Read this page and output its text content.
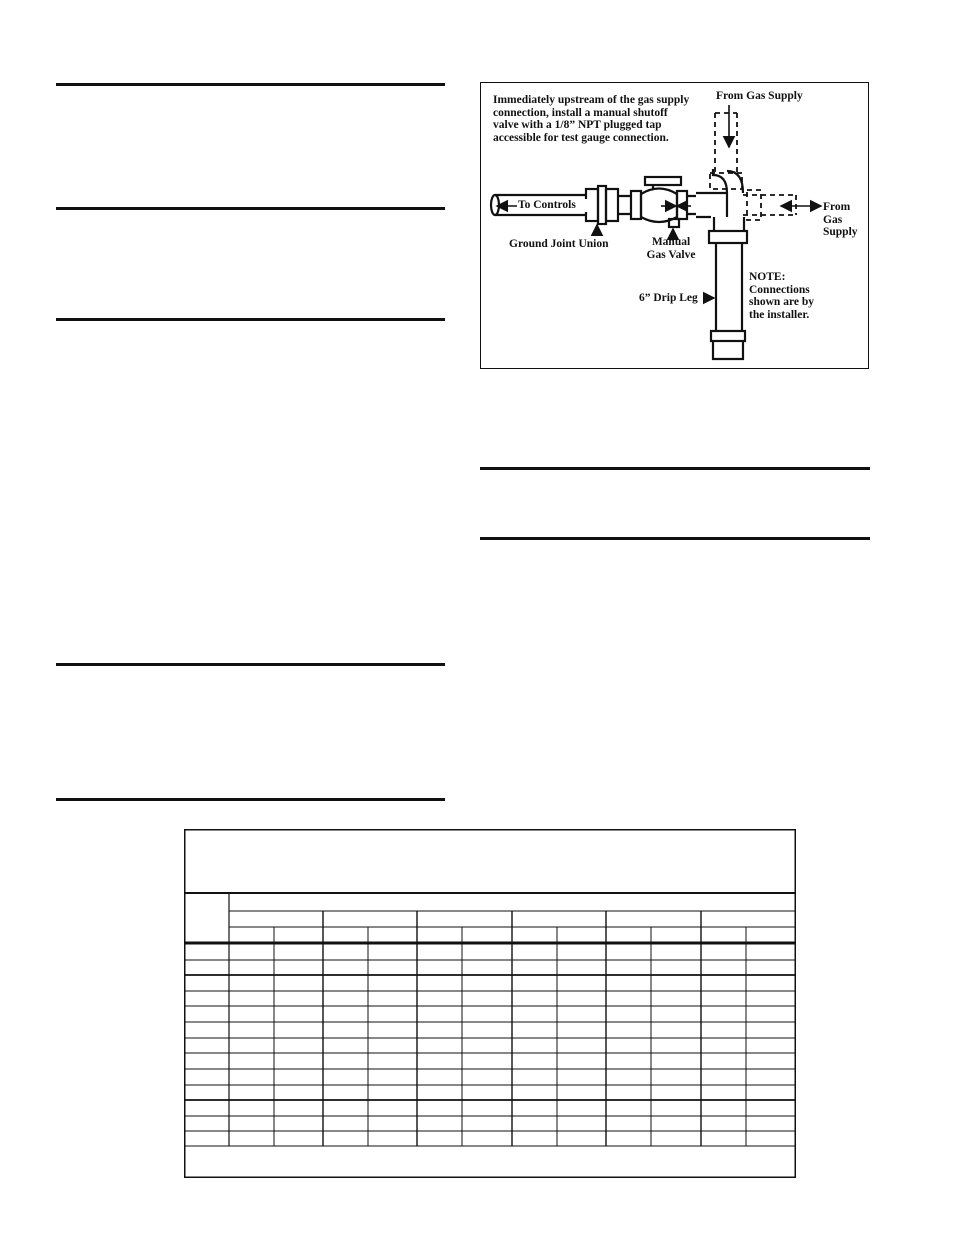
Immediately upstream of the gas supply connection, install a manual shutoff valve with a 1/8” NPT plugged tap accessible for test gauge connection.
From Gas Supply
From Gas Supply
To Controls
Ground Joint Union	Manual Gas Valve
6” Drip Leg
NOTE: Connections shown are by the installer.
